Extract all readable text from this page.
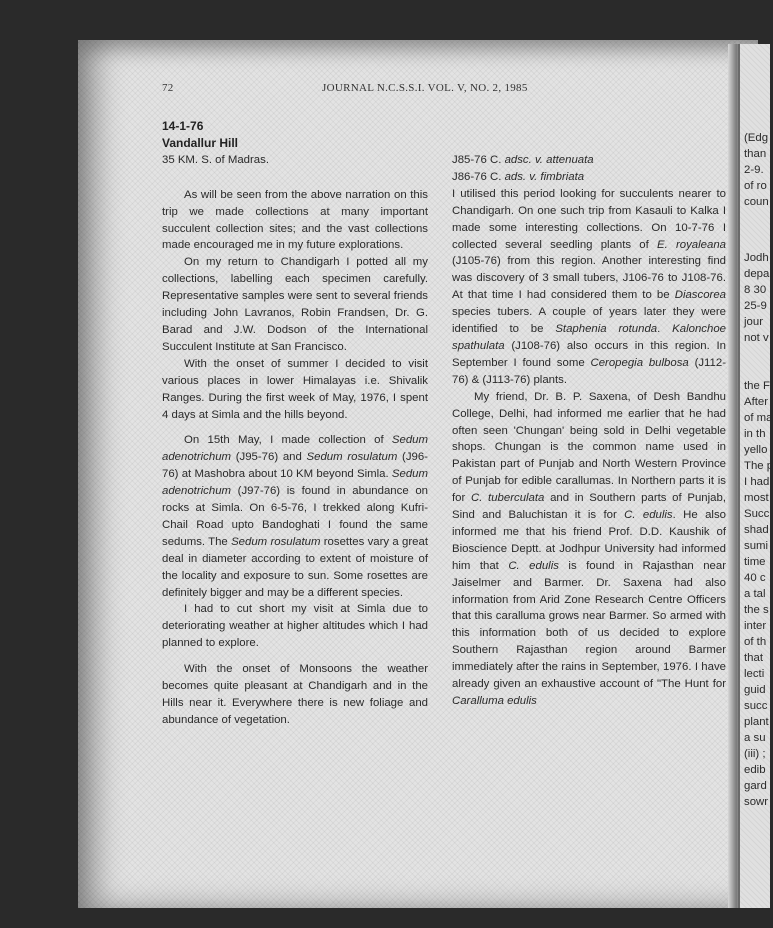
(Edg
than
2-9.
of ro
coun
Jodh
depa
8 30
25-9
jour
not v
the F
After
of ma
in th
yello
The p
I had
most
Succ
shad
sumi
time
40 c
a tal
the s
inter
of th
that
lecti
guid
succ
plant
a su
(iii) ;
edib
gard
sowr
72	JOURNAL N.C.S.S.I. VOL. V, NO. 2, 1985
14-1-76
Vandallur Hill
35 KM. S. of Madras.

As will be seen from the above narration on this trip we made collections at many important succulent collection sites; and the vast collections made encouraged me in my future explorations.

On my return to Chandigarh I potted all my collections, labelling each specimen carefully. Representative samples were sent to several friends including John Lavranos, Robin Frandsen, Dr. G. Barad and J.W. Dodson of the International Succulent Institute at San Francisco.

With the onset of summer I decided to visit various places in lower Himalayas i.e. Shivalik Ranges. During the first week of May, 1976, I spent 4 days at Simla and the hills beyond.

On 15th May, I made collection of Sedum adenotrichum (J95-76) and Sedum rosulatum (J96-76) at Mashobra about 10 KM beyond Simla. Sedum adenotrichum (J97-76) is found in abundance on rocks at Simla. On 6-5-76, I trekked along Kufri-Chail Road upto Bandoghati I found the same sedums. The Sedum rosulatum rosettes vary a great deal in diameter according to extent of moisture of the locality and exposure to sun. Some rosettes are definitely bigger and may be a different species.

I had to cut short my visit at Simla due to deteriorating weather at higher altitudes which I had planned to explore.

With the onset of Monsoons the weather becomes quite pleasant at Chandigarh and in the Hills near it. Everywhere there is new foliage and abundance of vegetation.

J85-76 C. adsc. v. attenuata
J86-76 C. ads. v. fimbriata

I utilised this period looking for succulents nearer to Chandigarh. On one such trip from Kasauli to Kalka I made some interesting collections. On 10-7-76 I collected several seedling plants of E. royaleana (J105-76) from this region. Another interesting find was discovery of 3 small tubers, J106-76 to J108-76. At that time I had considered them to be Diascorea species tubers. A couple of years later they were identified to be Staphenia rotunda. Kalonchoe spathulata (J108-76) also occurs in this region. In September I found some Ceropegia bulbosa (J112-76) & (J113-76) plants.

My friend, Dr. B. P. Saxena, of Desh Bandhu College, Delhi, had informed me earlier that he had often seen 'Chungan' being sold in Delhi vegetable shops. Chungan is the common name used in Pakistan part of Punjab and North Western Province of Punjab for edible carallumas. In Northern parts it is for C. tuberculata and in Southern parts of Punjab, Sind and Baluchistan it is for C. edulis. He also informed me that his friend Prof. D.D. Kaushik of Bioscience Deptt. at Jodhpur University had informed him that C. edulis is found in Rajasthan near Jaiselmer and Barmer. Dr. Saxena had also information from Arid Zone Research Centre Officers that this caralluma grows near Barmer. So armed with this information both of us decided to explore Southern Rajasthan region around Barmer immediately after the rains in September, 1976. I have already given an exhaustive account of "The Hunt for Caralluma edulis
